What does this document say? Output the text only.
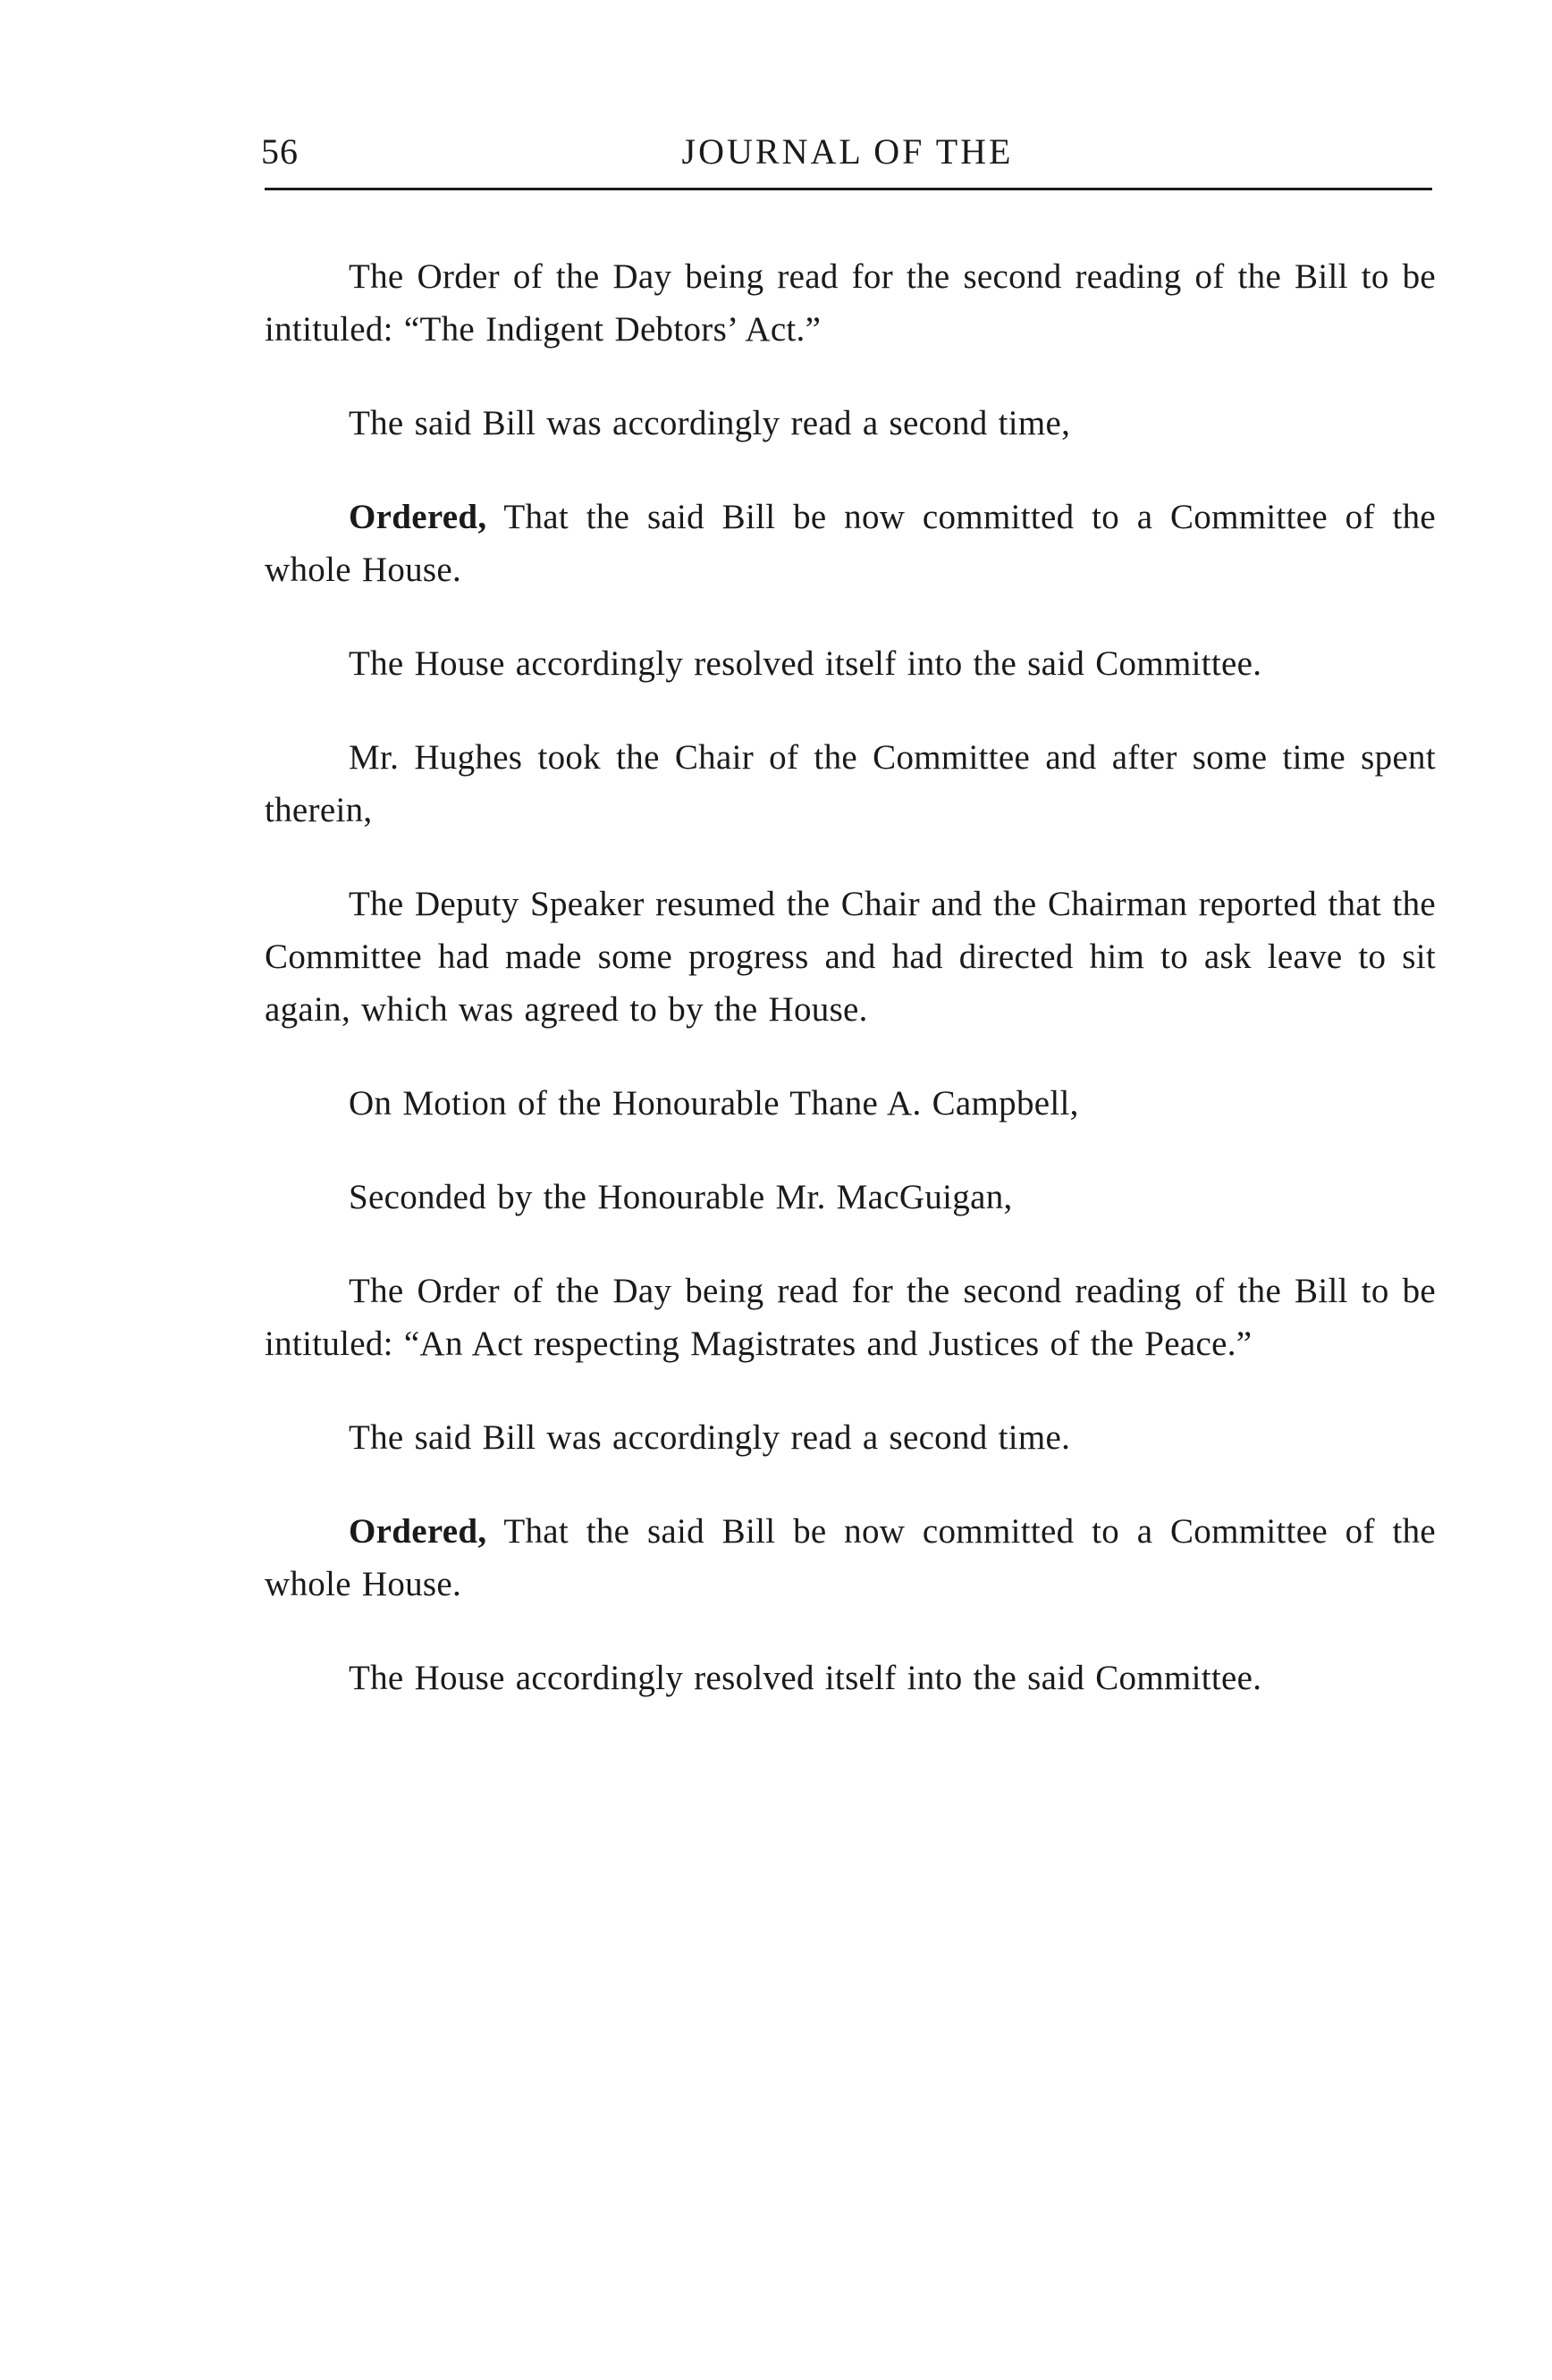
56	JOURNAL OF THE

The Order of the Day being read for the second reading of the Bill to be intituled: “The Indigent Debtors’ Act.”

The said Bill was accordingly read a second time,

Ordered, That the said Bill be now committed to a Committee of the whole House.

The House accordingly resolved itself into the said Committee.

Mr. Hughes took the Chair of the Committee and after some time spent therein,

The Deputy Speaker resumed the Chair and the Chairman reported that the Committee had made some progress and had directed him to ask leave to sit again, which was agreed to by the House.

On Motion of the Honourable Thane A. Campbell,

Seconded by the Honourable Mr. MacGuigan,

The Order of the Day being read for the second reading of the Bill to be intituled: “An Act respecting Magistrates and Justices of the Peace.”

The said Bill was accordingly read a second time.

Ordered, That the said Bill be now committed to a Committee of the whole House.

The House accordingly resolved itself into the said Committee.
